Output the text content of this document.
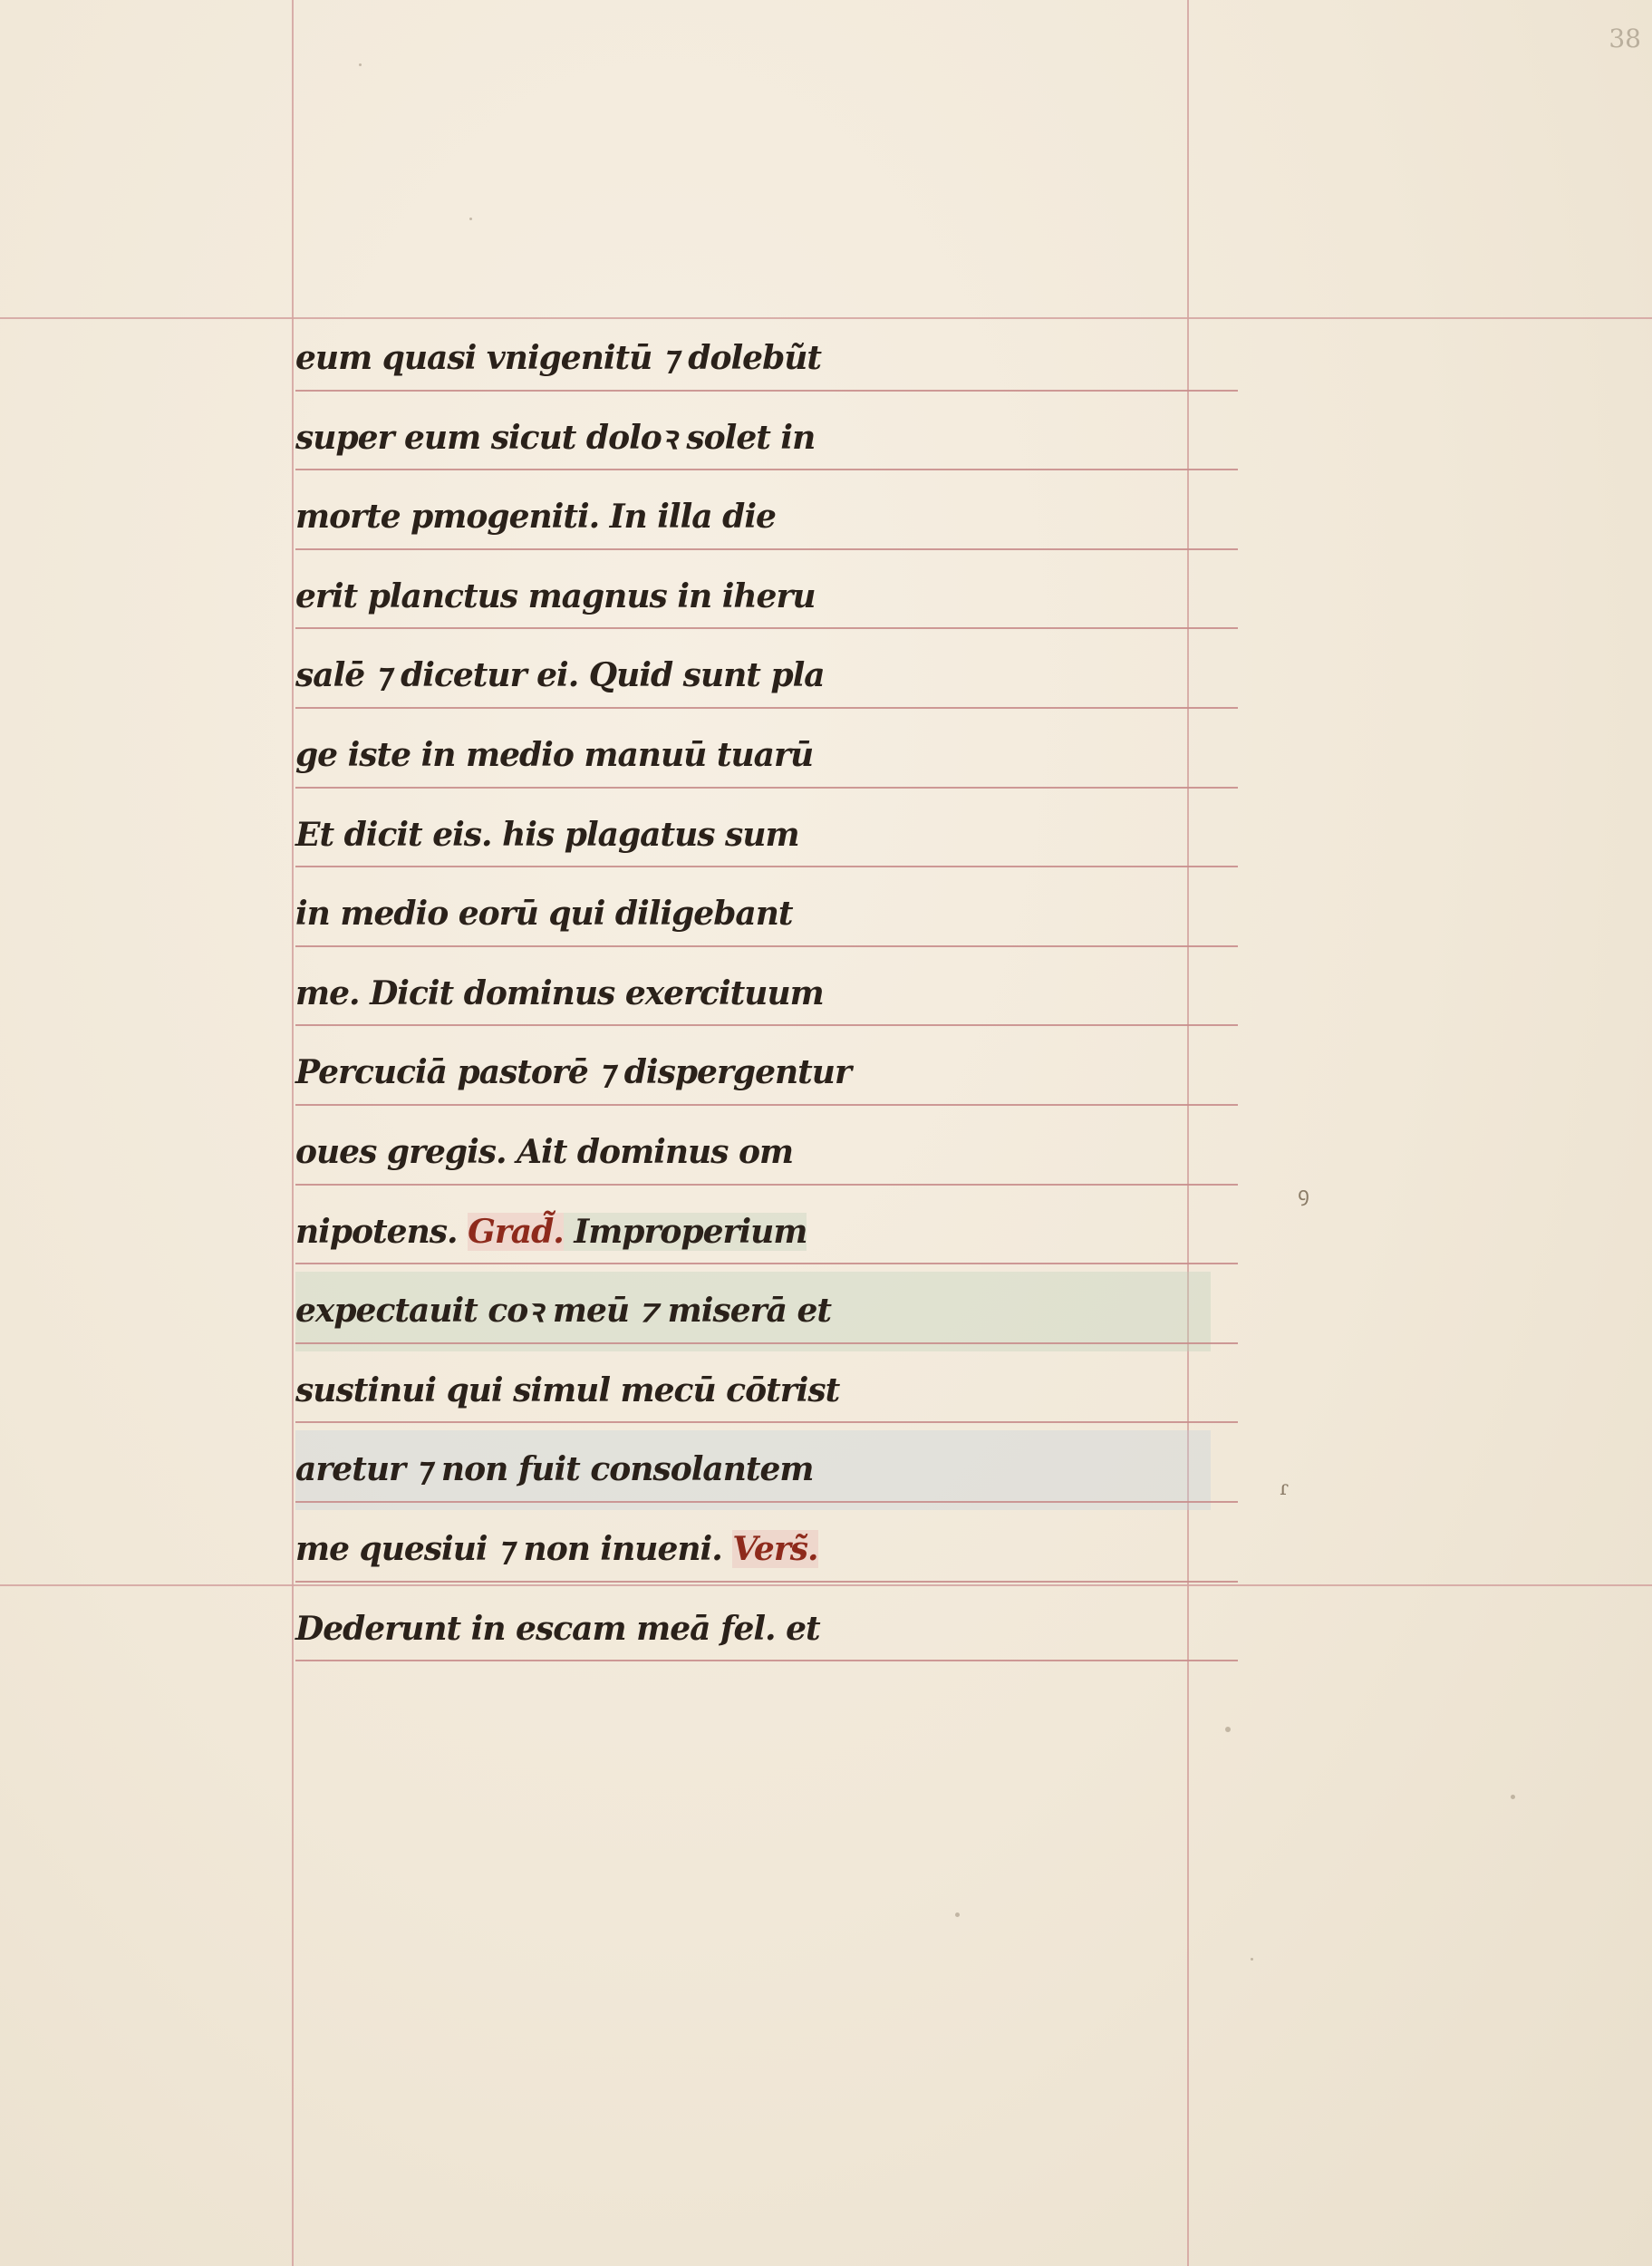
38
ꝯ
ɾ
eum quasi vnigenitū ⁊ dolebũt
super eum sicut doloꝛ solet in
morte pmogeniti. In illa die
erit planctus magnus in iheru
salē ⁊ dicetur ei. Quid sunt pla
ge iste in medio manuū tuarū
Et dicit eis. his plagatus sum
in medio eorū qui diligebant
me. Dicit dominus exercituum
Percuciā pastorē ⁊ dispergentur
oues gregis. Ait dominus om
nipotens. Grad̃. Improperium
expectauit coꝛ meū ⁊ miserā et
sustinui qui simul mecū cōtrist
aretur ⁊ non fuit consolantem
me quesiui ⁊ non inueni. Vers̃.
Dederunt in escam meā fel. et
